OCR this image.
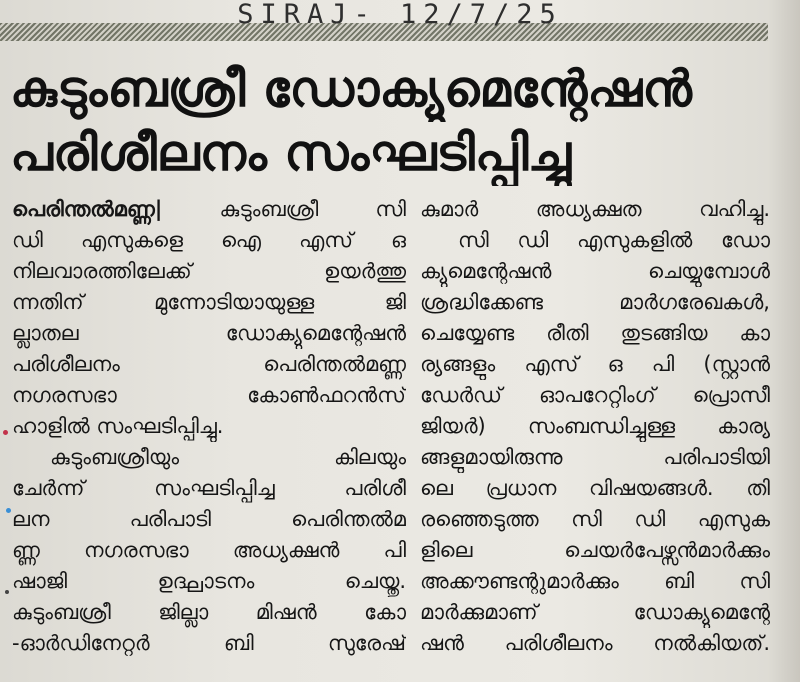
SIRAJ- 12/7/25
കുടുംബശ്രീ ഡോക്യുമെന്റേഷൻ
പരിശീലനം സംഘടിപ്പിച്ചു
പെരിന്തൽമണ്ണ|	കുടുംബശ്രീ സി
ഡി എസുകളെ ഐ എസ് ഒ
നിലവാരത്തിലേക്ക് ഉയർത്തു
ന്നതിന് മുന്നോടിയായുള്ള ജി
ല്ലാതല ഡോക്യുമെന്റേഷൻ
പരിശീലനം പെരിന്തൽമണ്ണ
നഗരസഭാ കോൺഫറൻസ്
ഹാളിൽ സംഘടിപ്പിച്ചു.
കുടുംബശ്രീയും കിലയും
ചേർന്ന് സംഘടിപ്പിച്ച പരിശീ
ലന പരിപാടി പെരിന്തൽമ
ണ്ണ നഗരസഭാ അധ്യക്ഷൻ പി
ഷാജി ഉദ്ഘാടനം ചെയ്തു.
കുടുംബശ്രീ ജില്ലാ മിഷൻ കോ
-ഓർഡിനേറ്റർ ബി സുരേഷ്
കുമാർ അധ്യക്ഷത വഹിച്ചു.
സി ഡി എസുകളിൽ ഡോ
ക്യുമെന്റേഷൻ ചെയ്യുമ്പോൾ
ശ്രദ്ധിക്കേണ്ട മാർഗരേഖകൾ,
ചെയ്യേണ്ട രീതി തുടങ്ങിയ കാ
ര്യങ്ങളും എസ് ഒ പി (സ്റ്റാൻ
ഡേർഡ് ഓപറേറ്റിംഗ് പ്രൊസീ
ജിയർ) സംബന്ധിച്ചുള്ള കാര്യ
ങ്ങളുമായിരുന്നു പരിപാടിയി
ലെ പ്രധാന വിഷയങ്ങൾ. തി
രഞ്ഞെടുത്ത സി ഡി എസുക
ളിലെ ചെയർപേഴ്സൻമാർക്കും
അക്കൗണ്ടന്റുമാർക്കും ബി സി
മാർക്കുമാണ് ഡോക്യുമെന്റേ
ഷൻ പരിശീലനം നൽകിയത്.
